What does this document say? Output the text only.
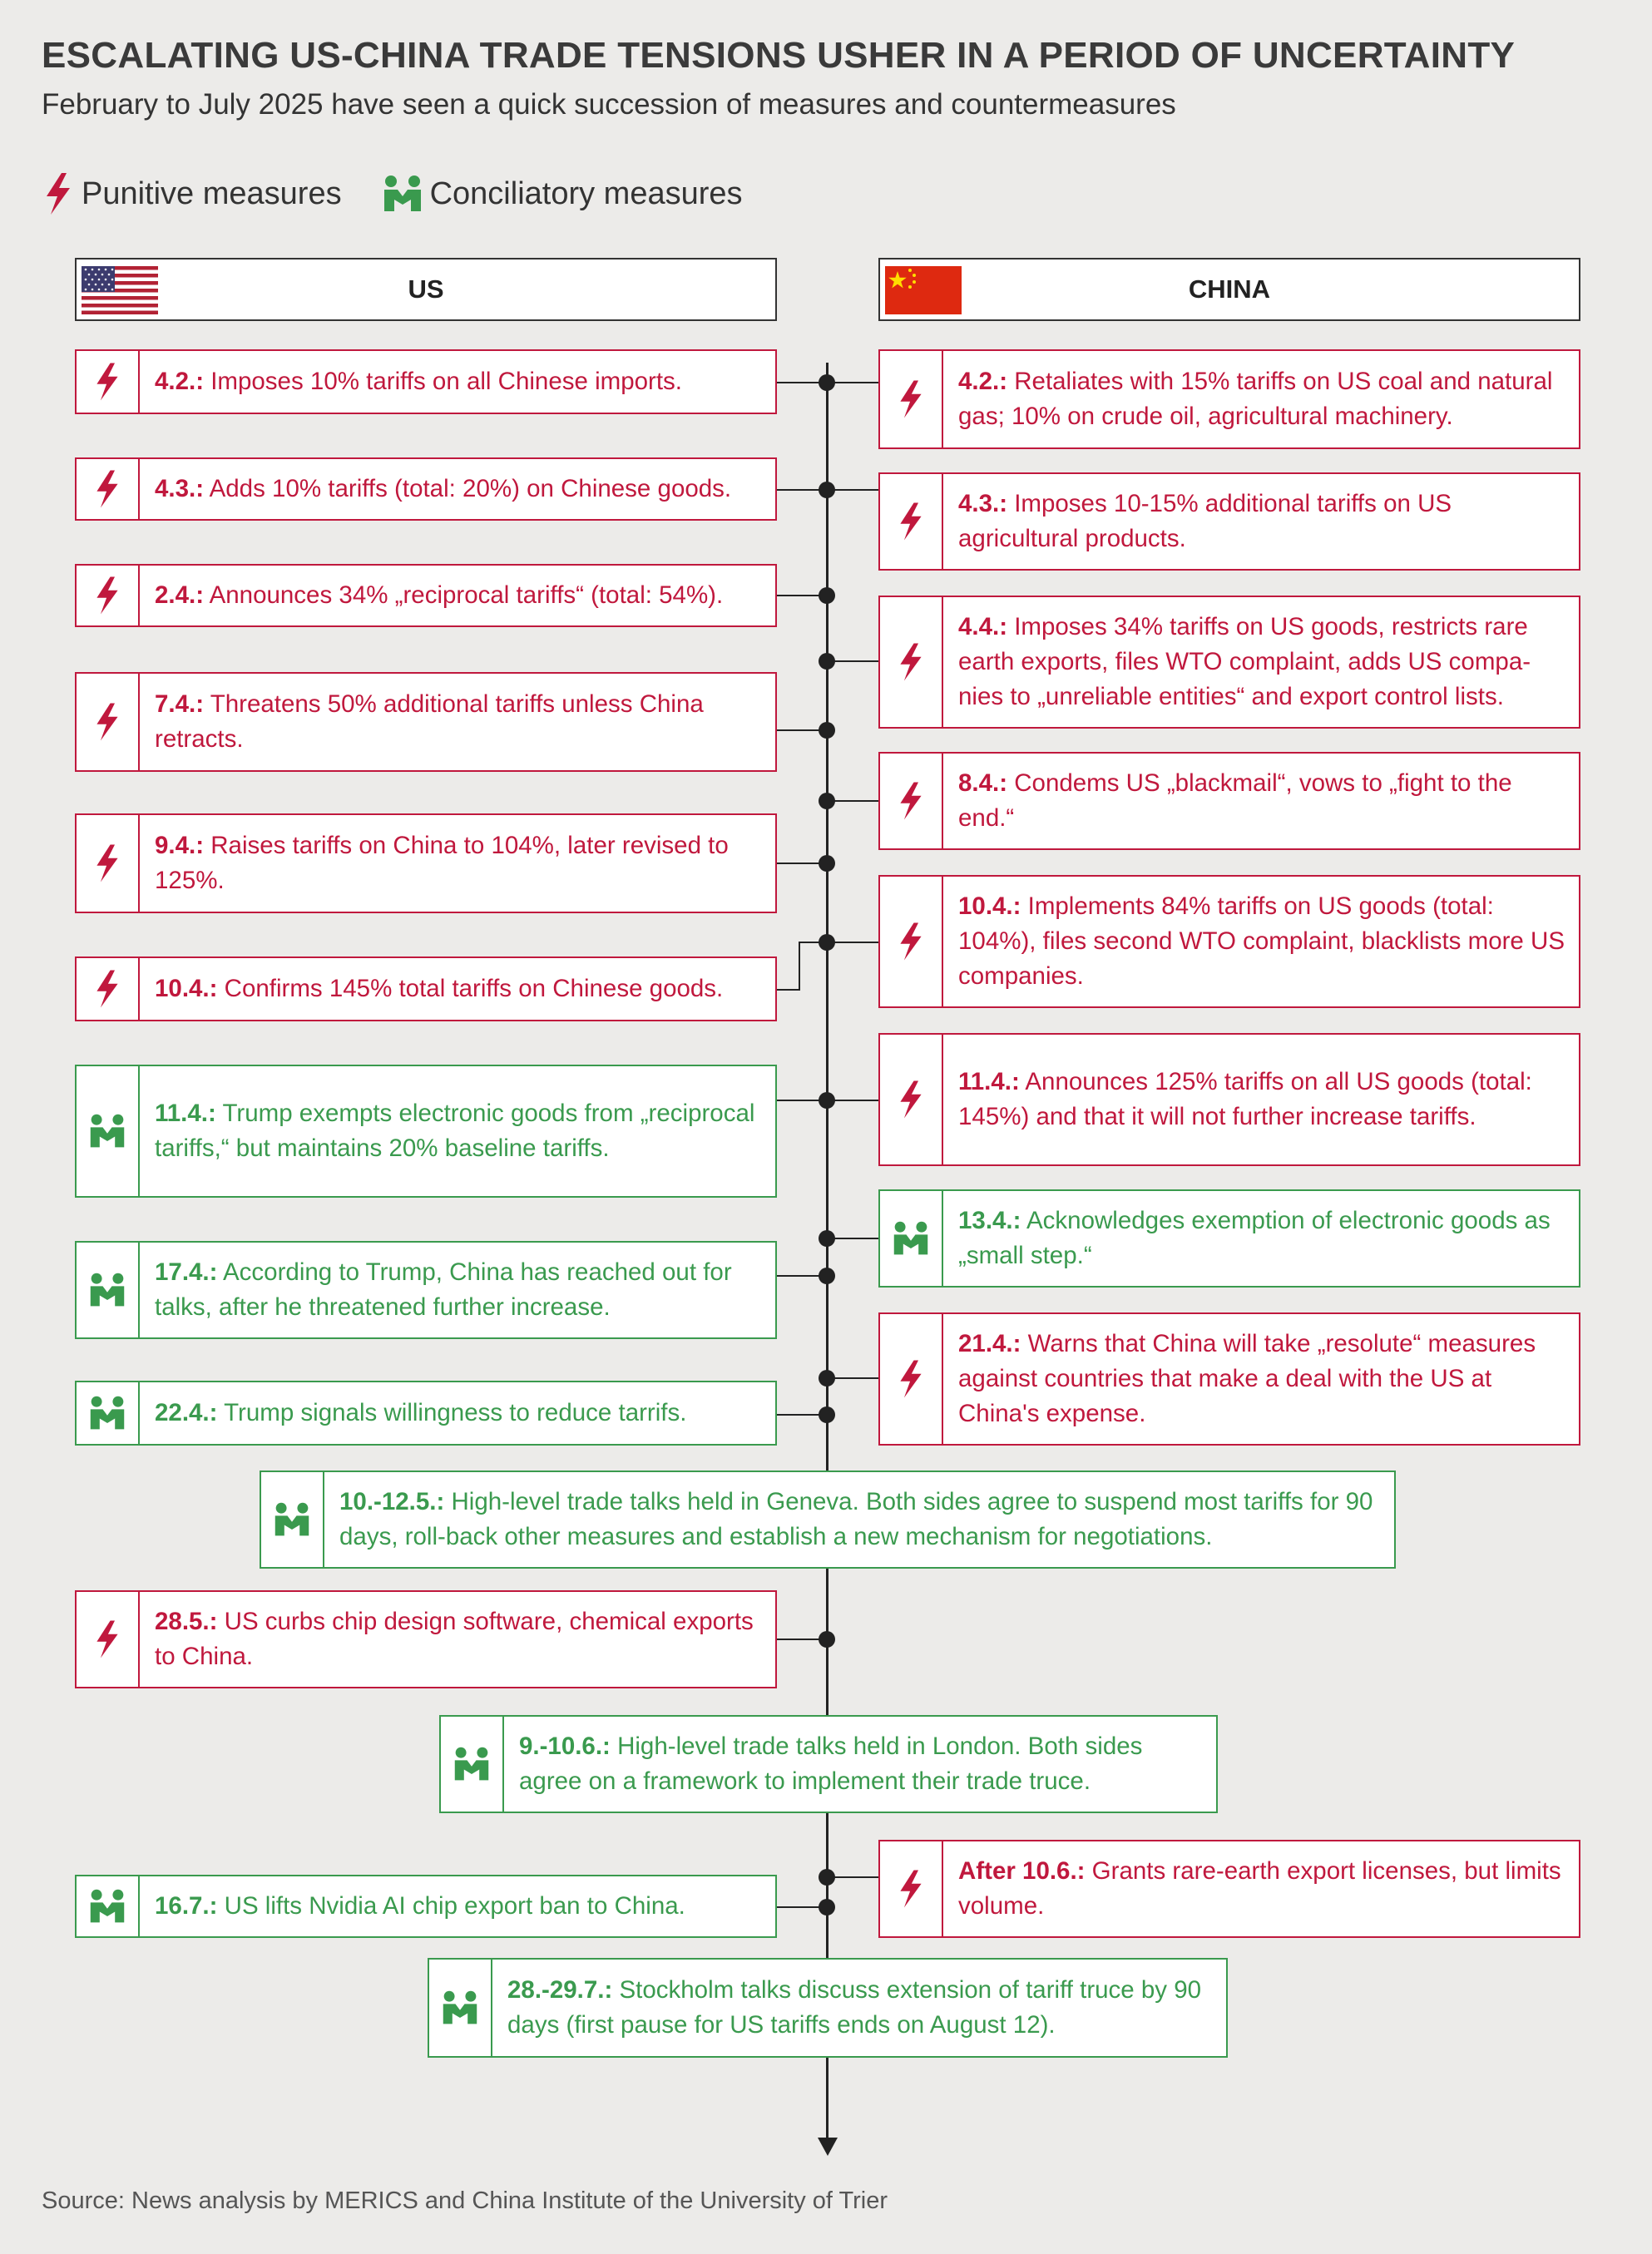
ESCALATING US-CHINA TRADE TENSIONS USHER IN A PERIOD OF UNCERTAINTY
February to July 2025 have seen a quick succession of measures and countermeasures
Punitive measures	Conciliatory measures
US	CHINA

4.2.: Imposes 10% tariffs on all Chinese imports.

4.3.: Adds 10% tariffs (total: 20%) on Chinese goods.

2.4.: Announces 34% „reciprocal tariffs“ (total: 54%).

7.4.: Threatens 50% additional tariffs unless China retracts.

9.4.: Raises tariffs on China to 104%, later revised to 125%.

10.4.: Confirms 145% total tariffs on Chinese goods.

11.4.: Trump exempts electronic goods from „reciprocal tariffs,“ but maintains 20% baseline tariffs.

17.4.: According to Trump, China has reached out for talks, after he threatened further increase.

22.4.: Trump signals willingness to reduce tarrifs.

28.5.: US curbs chip design software, chemical exports to China.

16.7.: US lifts Nvidia AI chip export ban to China.

4.2.: Retaliates with 15% tariffs on US coal and natural gas; 10% on crude oil, agricultural machinery.

4.3.: Imposes 10-15% additional tariffs on US agricultural products.

4.4.: Imposes 34% tariffs on US goods, restricts rare earth exports, files WTO complaint, adds US compa-nies to „unreliable entities“ and export control lists.

8.4.: Condems US „blackmail“, vows to „fight to the end.“

10.4.: Implements 84% tariffs on US goods (total: 104%), files second WTO complaint, blacklists more US companies.

11.4.: Announces 125% tariffs on all US goods (total: 145%) and that it will not further increase tariffs.

13.4.: Acknowledges exemption of electronic goods as „small step.“

21.4.: Warns that China will take „resolute“ measures against countries that make a deal with the US at China's expense.

After 10.6.: Grants rare-earth export licenses, but limits volume.

10.-12.5.: High-level trade talks held in Geneva. Both sides agree to suspend most tariffs for 90 days, roll-back other measures and establish a new mechanism for negotiations.

9.-10.6.: High-level trade talks held in London. Both sides agree on a framework to implement their trade truce.

28.-29.7.: Stockholm talks discuss extension of tariff truce by 90 days (first pause for US tariffs ends on August 12).

Source: News analysis by MERICS and China Institute of the University of Trier
